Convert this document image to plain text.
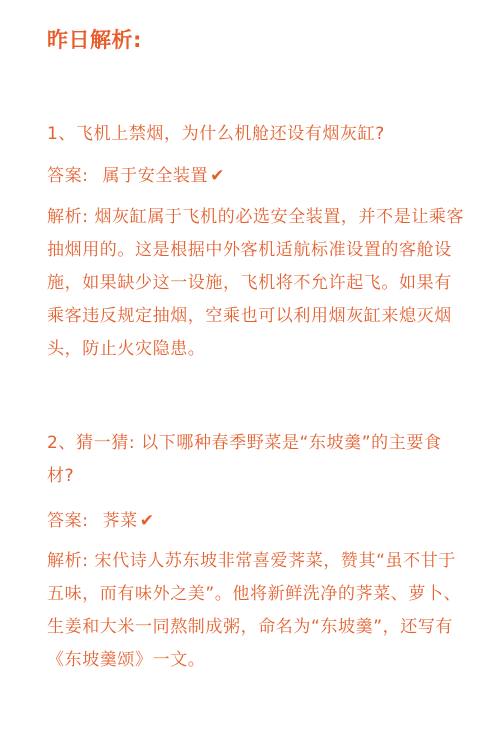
昨日解析:
1、飞机上禁烟，为什么机舱还设有烟灰缸?
答案: 属于安全装置 ✔
解析: 烟灰缸属于飞机的必选安全装置，并不是让乘客抽烟用的。这是根据中外客机适航标准设置的客舱设施，如果缺少这一设施，飞机将不允许起飞。如果有乘客违反规定抽烟，空乘也可以利用烟灰缸来熄灭烟头，防止火灾隐患。
2、猜一猜: 以下哪种春季野菜是“东坡羹”的主要食材?
答案: 荠菜 ✔
解析: 宋代诗人苏东坡非常喜爱荠菜，赞其“虽不甘于五味，而有味外之美”。他将新鲜洗净的荠菜、萝卜、生姜和大米一同熬制成粥，命名为“东坡羹”，还写有《东坡羹颂》一文。
